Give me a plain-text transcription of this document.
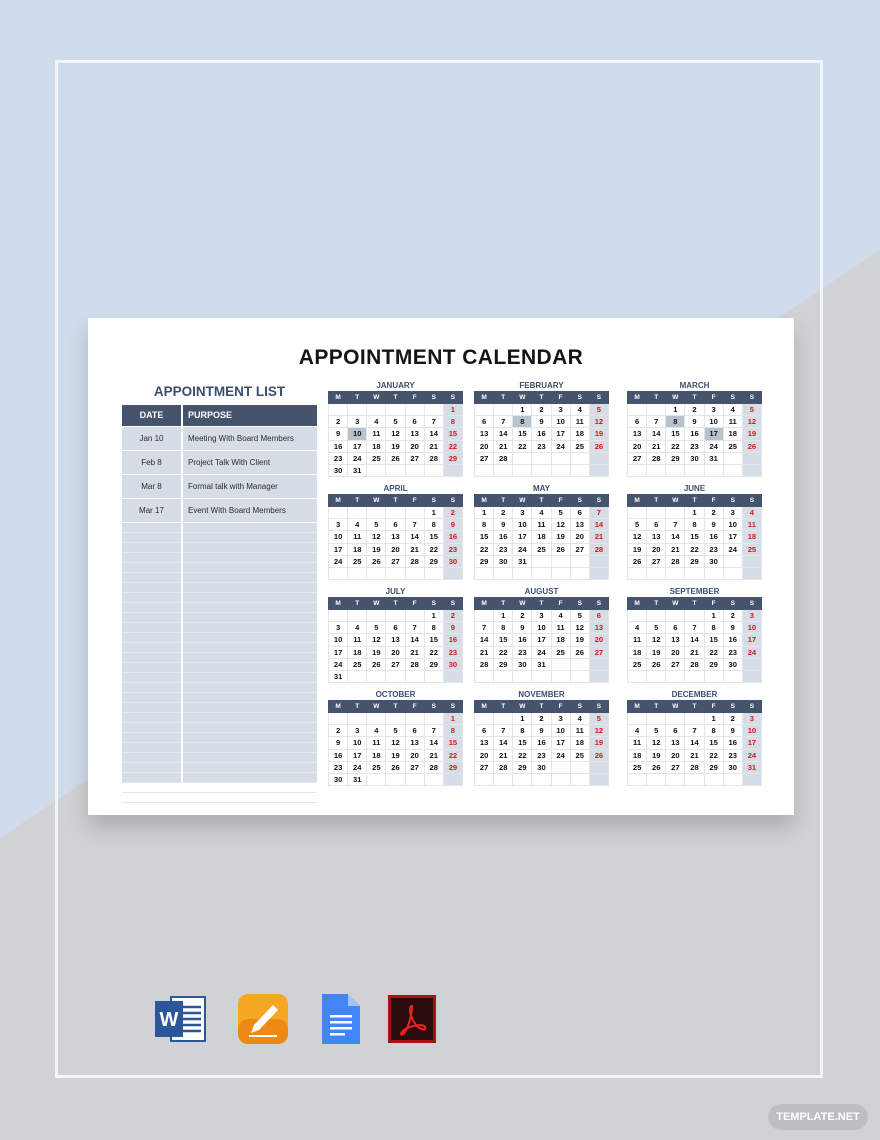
APPOINTMENT CALENDAR
APPOINTMENT LIST
DATE	PURPOSE
Jan 10	Meeting With Board Members
Feb 8	Project Talk With Client
Mar 8	Formal talk with Manager
Mar 17	Event With Board Members
JANUARY
M	T	W	T	F	S	S
						1
2	3	4	5	6	7	8
9	10	11	12	13	14	15
16	17	18	19	20	21	22
23	24	25	26	27	28	29
30	31					
FEBRUARY
M	T	W	T	F	S	S
		1	2	3	4	5
6	7	8	9	10	11	12
13	14	15	16	17	18	19
20	21	22	23	24	25	26
27	28					

MARCH
M	T	W	T	F	S	S
		1	2	3	4	5
6	7	8	9	10	11	12
13	14	15	16	17	18	19
20	21	22	23	24	25	26
27	28	29	30	31		

APRIL
M	T	W	T	F	S	S
					1	2
3	4	5	6	7	8	9
10	11	12	13	14	15	16
17	18	19	20	21	22	23
24	25	26	27	28	29	30

MAY
M	T	W	T	F	S	S
1	2	3	4	5	6	7
8	9	10	11	12	13	14
15	16	17	18	19	20	21
22	23	24	25	26	27	28
29	30	31				

JUNE
M	T	W	T	F	S	S
			1	2	3	4
5	6	7	8	9	10	11
12	13	14	15	16	17	18
19	20	21	22	23	24	25
26	27	28	29	30		

JULY
M	T	W	T	F	S	S
					1	2
3	4	5	6	7	8	9
10	11	12	13	14	15	16
17	18	19	20	21	22	23
24	25	26	27	28	29	30
31						
AUGUST
M	T	W	T	F	S	S
	1	2	3	4	5	6
7	8	9	10	11	12	13
14	15	16	17	18	19	20
21	22	23	24	25	26	27
28	29	30	31			

SEPTEMBER
M	T	W	T	F	S	S
				1	2	3
4	5	6	7	8	9	10
11	12	13	14	15	16	17
18	19	20	21	22	23	24
25	26	27	28	29	30	

OCTOBER
M	T	W	T	F	S	S
						1
2	3	4	5	6	7	8
9	10	11	12	13	14	15
16	17	18	19	20	21	22
23	24	25	26	27	28	29
30	31					
NOVEMBER
M	T	W	T	F	S	S
		1	2	3	4	5
6	7	8	9	10	11	12
13	14	15	16	17	18	19
20	21	22	23	24	25	26
27	28	29	30			

DECEMBER
M	T	W	T	F	S	S
				1	2	3
4	5	6	7	8	9	10
11	12	13	14	15	16	17
18	19	20	21	22	23	24
25	26	27	28	29	30	31

W
TEMPLATE.NET
